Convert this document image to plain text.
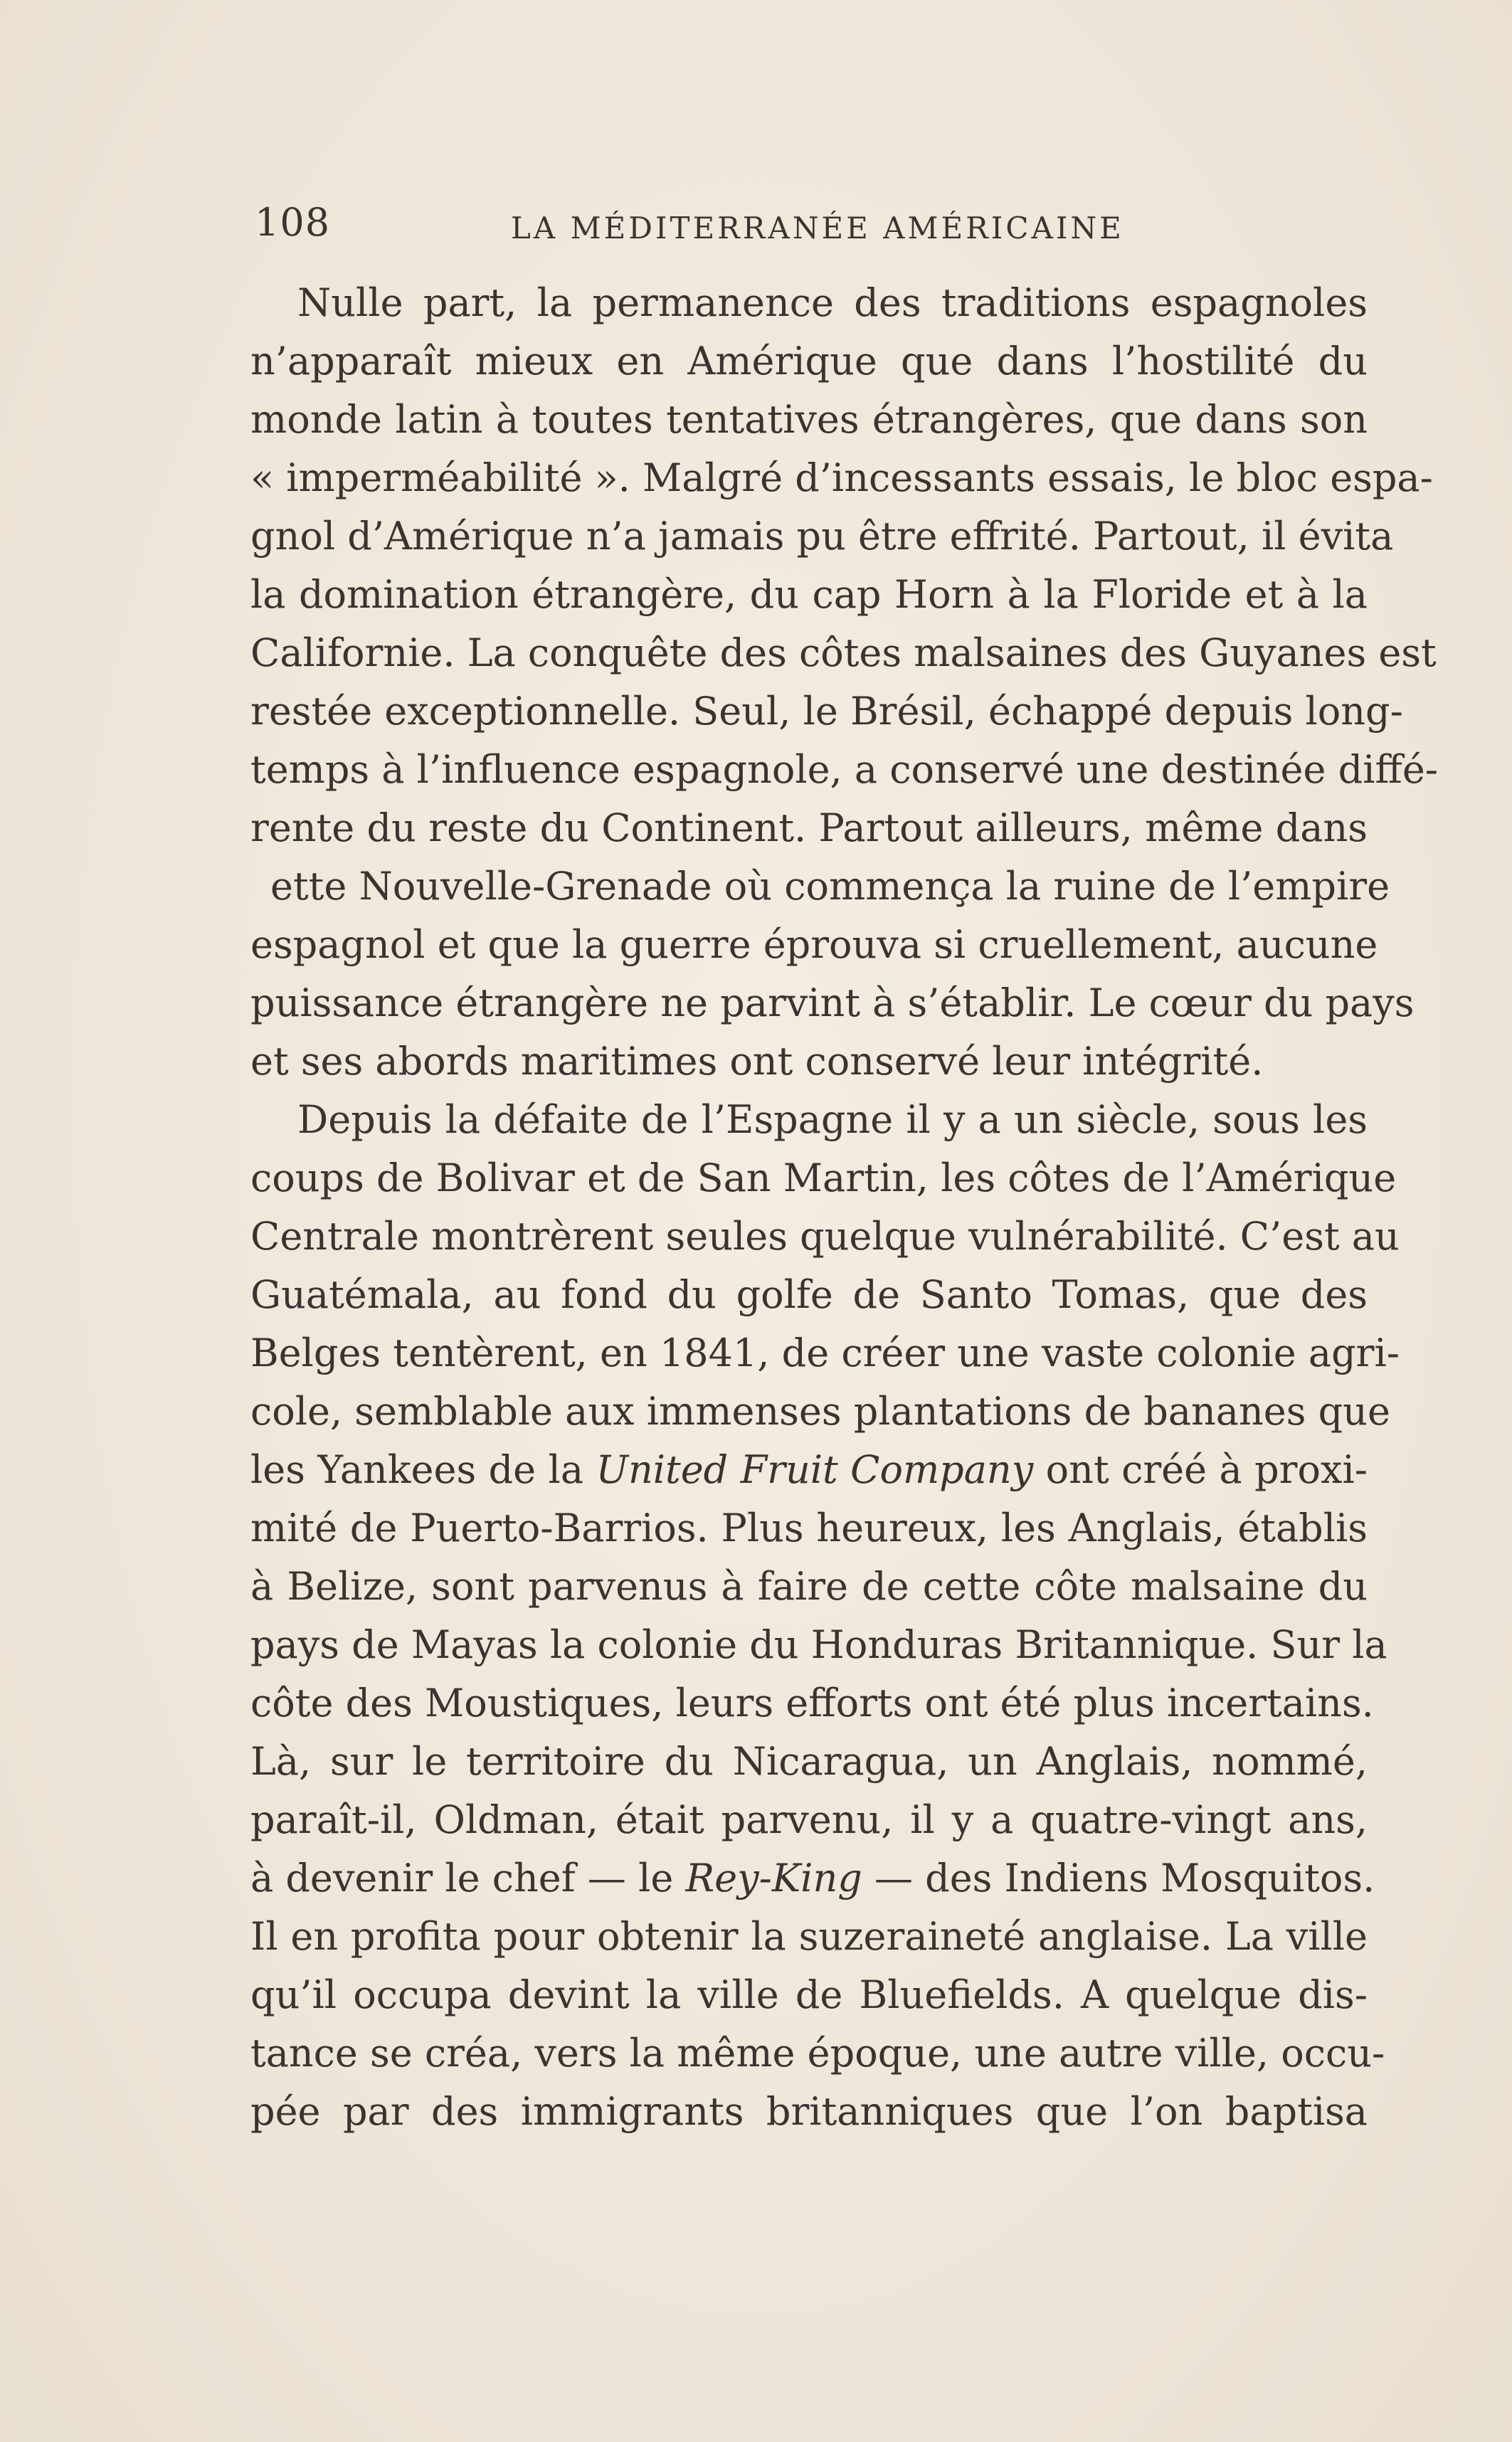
108	LA MÉDITERRANÉE AMÉRICAINE
Nulle part, la permanence des traditions espagnoles
n’apparaît mieux en Amérique que dans l’hostilité du
monde latin à toutes tentatives étrangères, que dans son
« imperméabilité ». Malgré d’incessants essais, le bloc espa-
gnol d’Amérique n’a jamais pu être effrité. Partout, il évita
la domination étrangère, du cap Horn à la Floride et à la
Californie. La conquête des côtes malsaines des Guyanes est
restée exceptionnelle. Seul, le Brésil, échappé depuis long-
temps à l’influence espagnole, a conservé une destinée diffé-
rente du reste du Continent. Partout ailleurs, même dans
ette Nouvelle-Grenade où commença la ruine de l’empire
espagnol et que la guerre éprouva si cruellement, aucune
puissance étrangère ne parvint à s’établir. Le cœur du pays
et ses abords maritimes ont conservé leur intégrité.
Depuis la défaite de l’Espagne il y a un siècle, sous les
coups de Bolivar et de San Martin, les côtes de l’Amérique
Centrale montrèrent seules quelque vulnérabilité. C’est au
Guatémala, au fond du golfe de Santo Tomas, que des
Belges tentèrent, en 1841, de créer une vaste colonie agri-
cole, semblable aux immenses plantations de bananes que
les Yankees de la United Fruit Company ont créé à proxi-
mité de Puerto-Barrios. Plus heureux, les Anglais, établis
à Belize, sont parvenus à faire de cette côte malsaine du
pays de Mayas la colonie du Honduras Britannique. Sur la
côte des Moustiques, leurs efforts ont été plus incertains.
Là, sur le territoire du Nicaragua, un Anglais, nommé,
paraît-il, Oldman, était parvenu, il y a quatre-vingt ans,
à devenir le chef — le Rey-King — des Indiens Mosquitos.
Il en profita pour obtenir la suzeraineté anglaise. La ville
qu’il occupa devint la ville de Bluefields. A quelque dis-
tance se créa, vers la même époque, une autre ville, occu-
pée par des immigrants britanniques que l’on baptisa
